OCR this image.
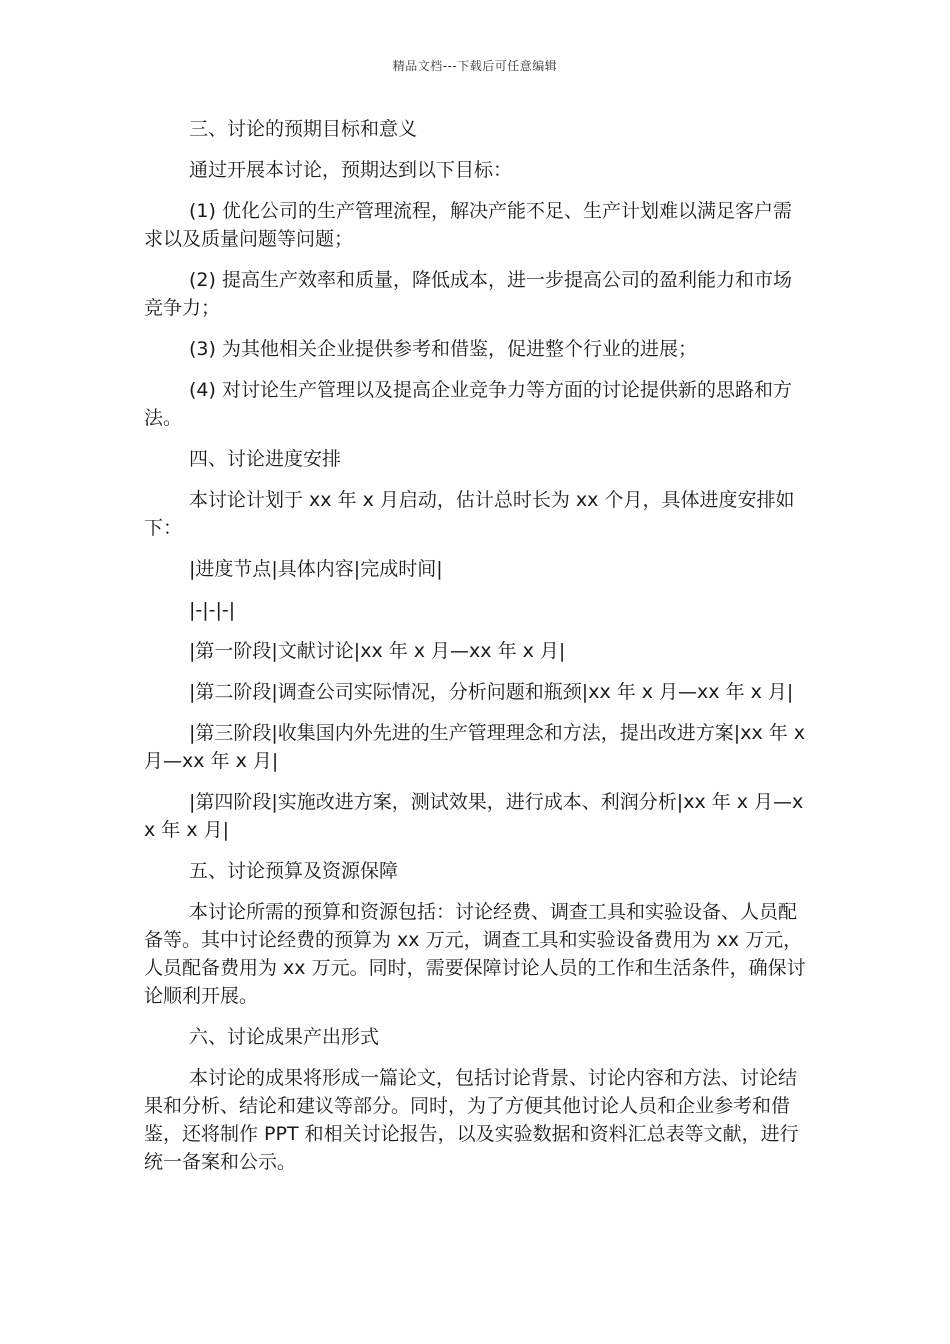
精品文档---下载后可任意编辑

三、讨论的预期目标和意义

通过开展本讨论，预期达到以下目标：

(1) 优化公司的生产管理流程，解决产能不足、生产计划难以满足客户需求以及质量问题等问题；

(2) 提高生产效率和质量，降低成本，进一步提高公司的盈利能力和市场竞争力；

(3) 为其他相关企业提供参考和借鉴，促进整个行业的进展；

(4) 对讨论生产管理以及提高企业竞争力等方面的讨论提供新的思路和方法。

四、讨论进度安排

本讨论计划于 xx 年 x 月启动，估计总时长为 xx 个月，具体进度安排如下：

|进度节点|具体内容|完成时间|

|-|-|-|

|第一阶段|文献讨论|xx 年 x 月—xx 年 x 月|

|第二阶段|调查公司实际情况，分析问题和瓶颈|xx 年 x 月—xx 年 x 月|

|第三阶段|收集国内外先进的生产管理理念和方法，提出改进方案|xx 年 x 月—xx 年 x 月|

|第四阶段|实施改进方案，测试效果，进行成本、利润分析|xx 年 x 月—xx 年 x 月|

五、讨论预算及资源保障

本讨论所需的预算和资源包括：讨论经费、调查工具和实验设备、人员配备等。其中讨论经费的预算为 xx 万元，调查工具和实验设备费用为 xx 万元，人员配备费用为 xx 万元。同时，需要保障讨论人员的工作和生活条件，确保讨论顺利开展。

六、讨论成果产出形式

本讨论的成果将形成一篇论文，包括讨论背景、讨论内容和方法、讨论结果和分析、结论和建议等部分。同时，为了方便其他讨论人员和企业参考和借鉴，还将制作 PPT 和相关讨论报告，以及实验数据和资料汇总表等文献，进行统一备案和公示。
